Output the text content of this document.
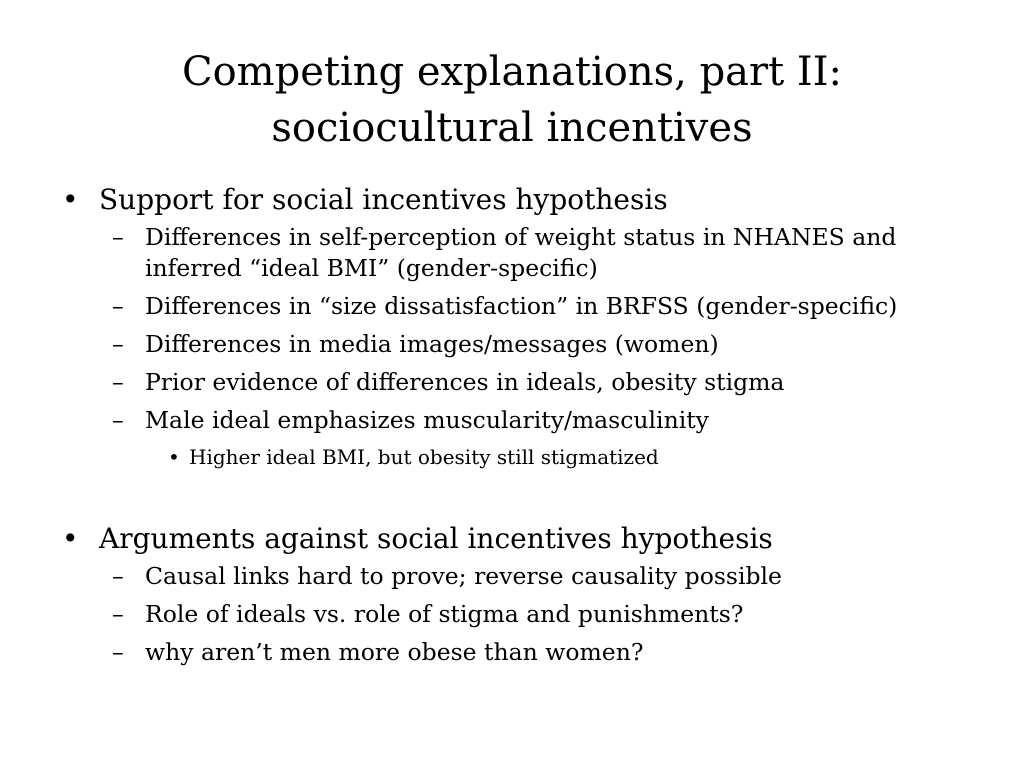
Competing explanations, part II:
sociocultural incentives
• Support for social incentives hypothesis
– Differences in self-perception of weight status in NHANES and inferred “ideal BMI” (gender-specific)
– Differences in “size dissatisfaction” in BRFSS (gender-specific)
– Differences in media images/messages (women)
– Prior evidence of differences in ideals, obesity stigma
– Male ideal emphasizes muscularity/masculinity
• Higher ideal BMI, but obesity still stigmatized
• Arguments against social incentives hypothesis
– Causal links hard to prove; reverse causality possible
– Role of ideals vs. role of stigma and punishments?
– why aren’t men more obese than women?
